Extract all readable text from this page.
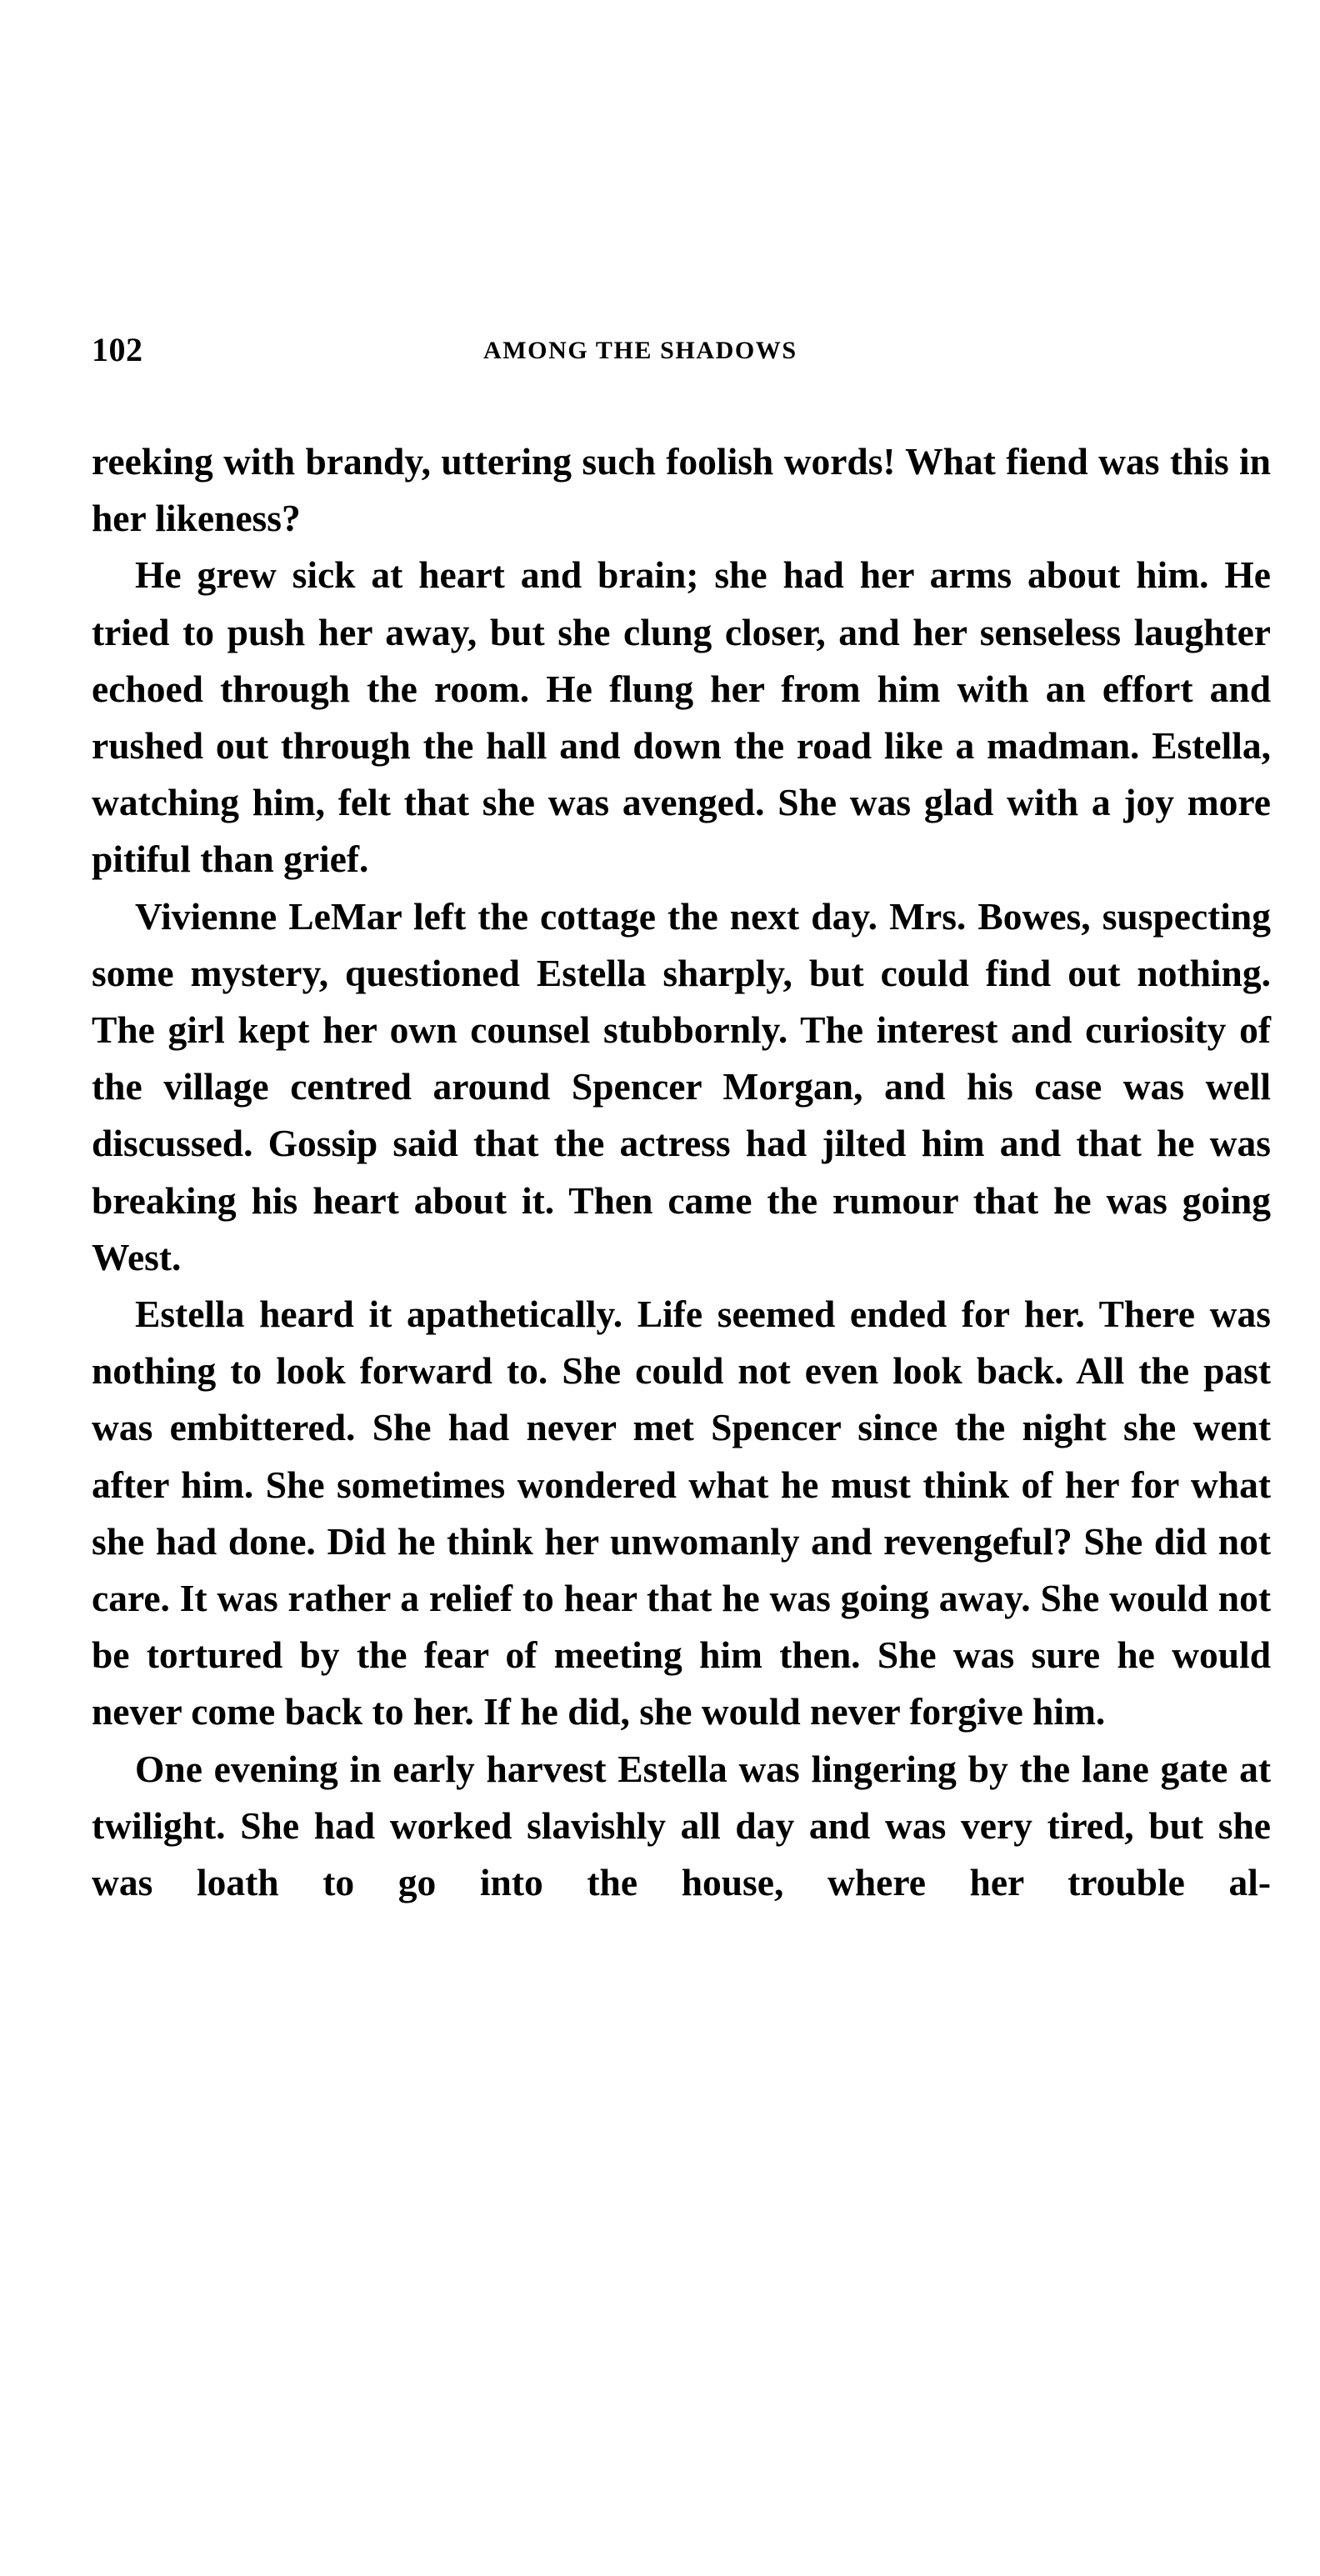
102	AMONG THE SHADOWS

reeking with brandy, uttering such foolish words! What fiend was this in her likeness?

He grew sick at heart and brain; she had her arms about him. He tried to push her away, but she clung closer, and her senseless laughter echoed through the room. He flung her from him with an effort and rushed out through the hall and down the road like a madman. Estella, watching him, felt that she was avenged. She was glad with a joy more pitiful than grief.

Vivienne LeMar left the cottage the next day. Mrs. Bowes, suspecting some mystery, questioned Estella sharply, but could find out nothing. The girl kept her own counsel stubbornly. The interest and curiosity of the village centred around Spencer Morgan, and his case was well discussed. Gossip said that the actress had jilted him and that he was breaking his heart about it. Then came the rumour that he was going West.

Estella heard it apathetically. Life seemed ended for her. There was nothing to look forward to. She could not even look back. All the past was embittered. She had never met Spencer since the night she went after him. She sometimes wondered what he must think of her for what she had done. Did he think her unwomanly and revengeful? She did not care. It was rather a relief to hear that he was going away. She would not be tortured by the fear of meeting him then. She was sure he would never come back to her. If he did, she would never forgive him.

One evening in early harvest Estella was lingering by the lane gate at twilight. She had worked slavishly all day and was very tired, but she was loath to go into the house, where her trouble al-
